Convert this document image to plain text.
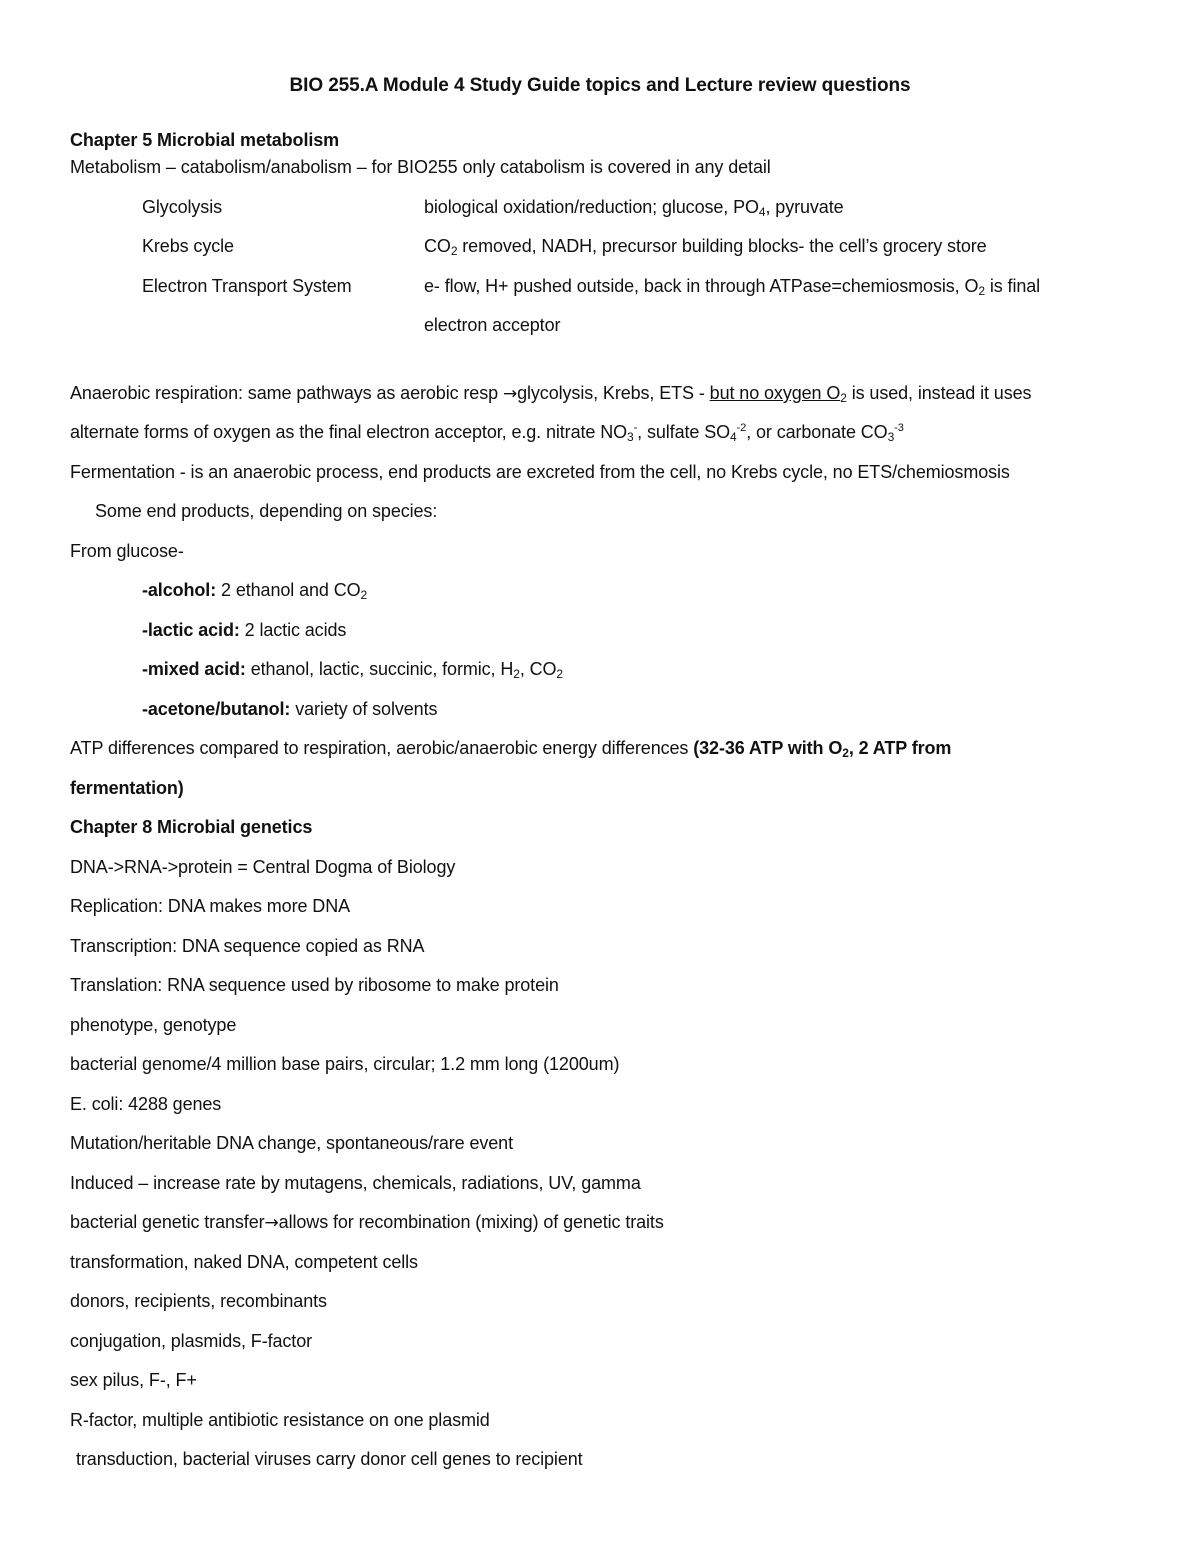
BIO 255.A Module 4 Study Guide topics and Lecture review questions
Chapter 5 Microbial metabolism
Metabolism – catabolism/anabolism – for BIO255 only catabolism is covered in any detail
Glycolysis	biological oxidation/reduction; glucose, $PO_4$, pyruvate
Krebs cycle	$CO_2$ removed, NADH, precursor building blocks- the cell’s grocery store
Electron Transport System	e- flow, H+ pushed outside, back in through ATPase=chemiosmosis, $O_2$ is final
electron acceptor
Anaerobic respiration: same pathways as aerobic resp →glycolysis, Krebs, ETS - but no oxygen $O_2$ is used, instead it uses
alternate forms of oxygen as the final electron acceptor, e.g. nitrate $NO_3^-$, sulfate $SO_4^{-2}$, or carbonate $CO_3^{-3}$
Fermentation - is an anaerobic process, end products are excreted from the cell, no Krebs cycle, no ETS/chemiosmosis
Some end products, depending on species:
From glucose-
-alcohol: 2 ethanol and $CO_2$
-lactic acid: 2 lactic acids
-mixed acid: ethanol, lactic, succinic, formic, $H_2$, $CO_2$
-acetone/butanol: variety of solvents
ATP differences compared to respiration, aerobic/anaerobic energy differences (32-36 ATP with $O_2$, 2 ATP from
fermentation)
Chapter 8 Microbial genetics
DNA->RNA->protein = Central Dogma of Biology
Replication: DNA makes more DNA
Transcription: DNA sequence copied as RNA
Translation: RNA sequence used by ribosome to make protein
phenotype, genotype
bacterial genome/4 million base pairs, circular; 1.2 mm long (1200um)
E. coli: 4288 genes
Mutation/heritable DNA change, spontaneous/rare event
Induced – increase rate by mutagens, chemicals, radiations, UV, gamma
bacterial genetic transfer→allows for recombination (mixing) of genetic traits
transformation, naked DNA, competent cells
donors, recipients, recombinants
conjugation, plasmids, F-factor
sex pilus, F-, F+
R-factor, multiple antibiotic resistance on one plasmid
transduction, bacterial viruses carry donor cell genes to recipient
